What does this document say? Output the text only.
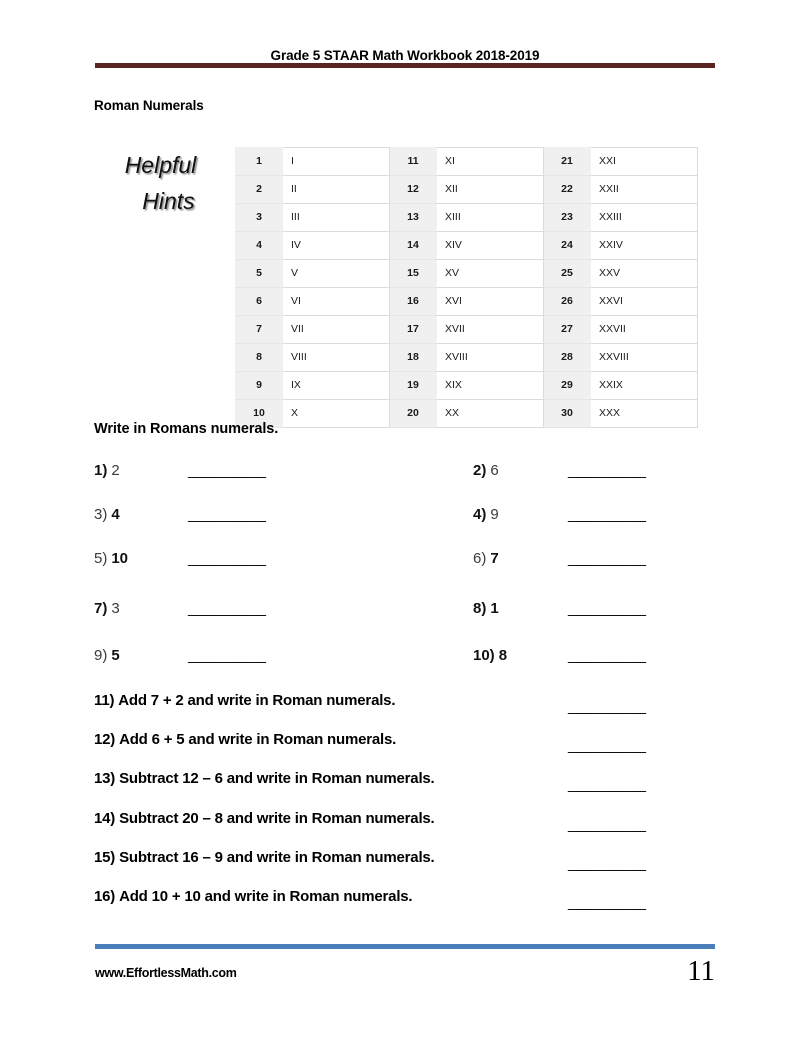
Grade 5 STAAR Math Workbook 2018-2019
Roman Numerals
Helpful
Hints
1	I	11	XI	21	XXI
2	II	12	XII	22	XXII
3	III	13	XIII	23	XXIII
4	IV	14	XIV	24	XXIV
5	V	15	XV	25	XXV
6	VI	16	XVI	26	XXVI
7	VII	17	XVII	27	XXVII
8	VIII	18	XVIII	28	XXVIII
9	IX	19	XIX	29	XXIX
10	X	20	XX	30	XXX
Write in Romans numerals.
1) 2	__________	2) 6	__________
3) 4	__________	4) 9	__________
5) 10	__________	6) 7	__________
7) 3	__________	8) 1	__________
9) 5	__________	10) 8	__________
11) Add 7 + 2 and write in Roman numerals.	__________
12) Add 6 + 5 and write in Roman numerals.	__________
13) Subtract 12 – 6 and write in Roman numerals.	__________
14) Subtract 20 – 8 and write in Roman numerals.	__________
15) Subtract 16 – 9 and write in Roman numerals.	__________
16) Add 10 + 10 and write in Roman numerals.	__________
www.EffortlessMath.com	11
